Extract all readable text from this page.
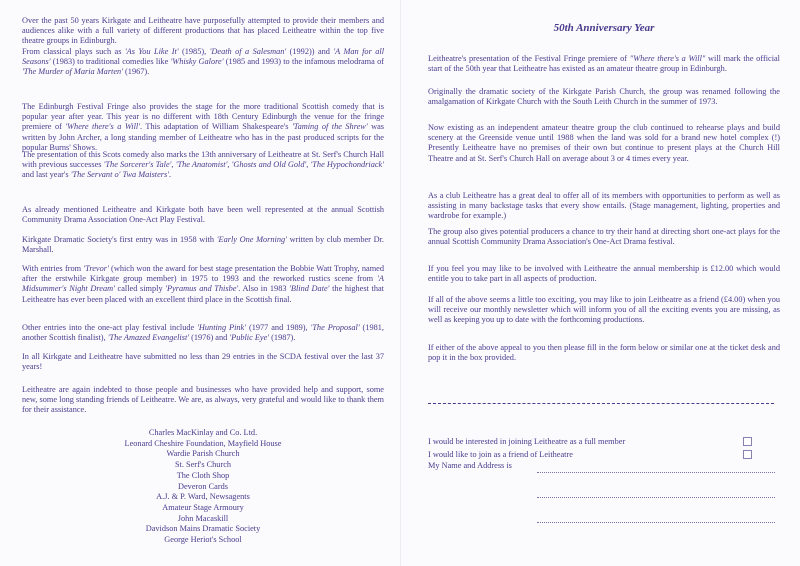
Over the past 50 years Kirkgate and Leitheatre have purposefully attempted to provide their members and audiences alike with a full variety of different productions that has placed Leitheatre within the top five theatre groups in Edinburgh.

From classical plays such as 'As You Like It' (1985), 'Death of a Salesman' (1992)) and 'A Man for all Seasons' (1983) to traditional comedies like 'Whisky Galore' (1985 and 1993) to the infamous melodrama of 'The Murder of Maria Marten' (1967).

The Edinburgh Festival Fringe also provides the stage for the more traditional Scottish comedy that is popular year after year. This year is no different with 18th Century Edinburgh the venue for the fringe premiere of 'Where there's a Will'. This adaptation of William Shakespeare's 'Taming of the Shrew' was written by John Archer, a long standing member of Leitheatre who has in the past produced scripts for the popular Burns' Shows.

The presentation of this Scots comedy also marks the 13th anniversary of Leitheatre at St. Serf's Church Hall with previous successes 'The Sorcerer's Tale', 'The Anatomist', 'Ghosts and Old Gold', 'The Hypochondriack' and last year's 'The Servant o' Twa Maisters'.

As already mentioned Leitheatre and Kirkgate both have been well represented at the annual Scottish Community Drama Association One-Act Play Festival.

Kirkgate Dramatic Society's first entry was in 1958 with 'Early One Morning' written by club member Dr. Marshall.

With entries from 'Trevor' (which won the award for best stage presentation the Bobbie Watt Trophy, named after the erstwhile Kirkgate group member) in 1975 to 1993 and the reworked rustics scene from 'A Midsummer's Night Dream' called simply 'Pyramus and Thisbe'. Also in 1983 'Blind Date' the highest that Leitheatre has ever been placed with an excellent third place in the Scottish final.

Other entries into the one-act play festival include 'Hunting Pink' (1977 and 1989), 'The Proposal' (1981, another Scottish finalist), 'The Amazed Evangelist' (1976) and 'Public Eye' (1987).

In all Kirkgate and Leitheatre have submitted no less than 29 entries in the SCDA festival over the last 37 years!

Leitheatre are again indebted to those people and businesses who have provided help and support, some new, some long standing friends of Leitheatre. We are, as always, very grateful and would like to thank them for their assistance.

Charles MacKinlay and Co. Ltd.
Leonard Cheshire Foundation, Mayfield House
Wardie Parish Church
St. Serf's Church
The Cloth Shop
Deveron Cards
A.J. & P. Ward, Newsagents
Amateur Stage Armoury
John Macaskill
Davidson Mains Dramatic Society
George Heriot's School
50th Anniversary Year

Leitheatre's presentation of the Festival Fringe premiere of "Where there's a Will" will mark the official start of the 50th year that Leitheatre has existed as an amateur theatre group in Edinburgh.

Originally the dramatic society of the Kirkgate Parish Church, the group was renamed following the amalgamation of Kirkgate Church with the South Leith Church in the summer of 1973.

Now existing as an independent amateur theatre group the club continued to rehearse plays and build scenery at the Greenside venue until 1988 when the land was sold for a brand new hotel complex (!) Presently Leitheatre have no premises of their own but continue to present plays at the Church Hill Theatre and at St. Serf's Church Hall on average about 3 or 4 times every year.

As a club Leitheatre has a great deal to offer all of its members with opportunities to perform as well as assisting in many backstage tasks that every show entails. (Stage management, lighting, properties and wardrobe for example.)

The group also gives potential producers a chance to try their hand at directing short one-act plays for the annual Scottish Community Drama Association's One-Act Drama festival.

If you feel you may like to be involved with Leitheatre the annual membership is £12.00 which would entitle you to take part in all aspects of production.

If all of the above seems a little too exciting, you may like to join Leitheatre as a friend (£4.00) when you will receive our monthly newsletter which will inform you of all the exciting events you are missing, as well as keeping you up to date with the forthcoming productions.

If either of the above appeal to you then please fill in the form below or similar one at the ticket desk and pop it in the box provided.

I would be interested in joining Leitheatre as a full member
I would like to join as a friend of Leitheatre
My Name and Address is
